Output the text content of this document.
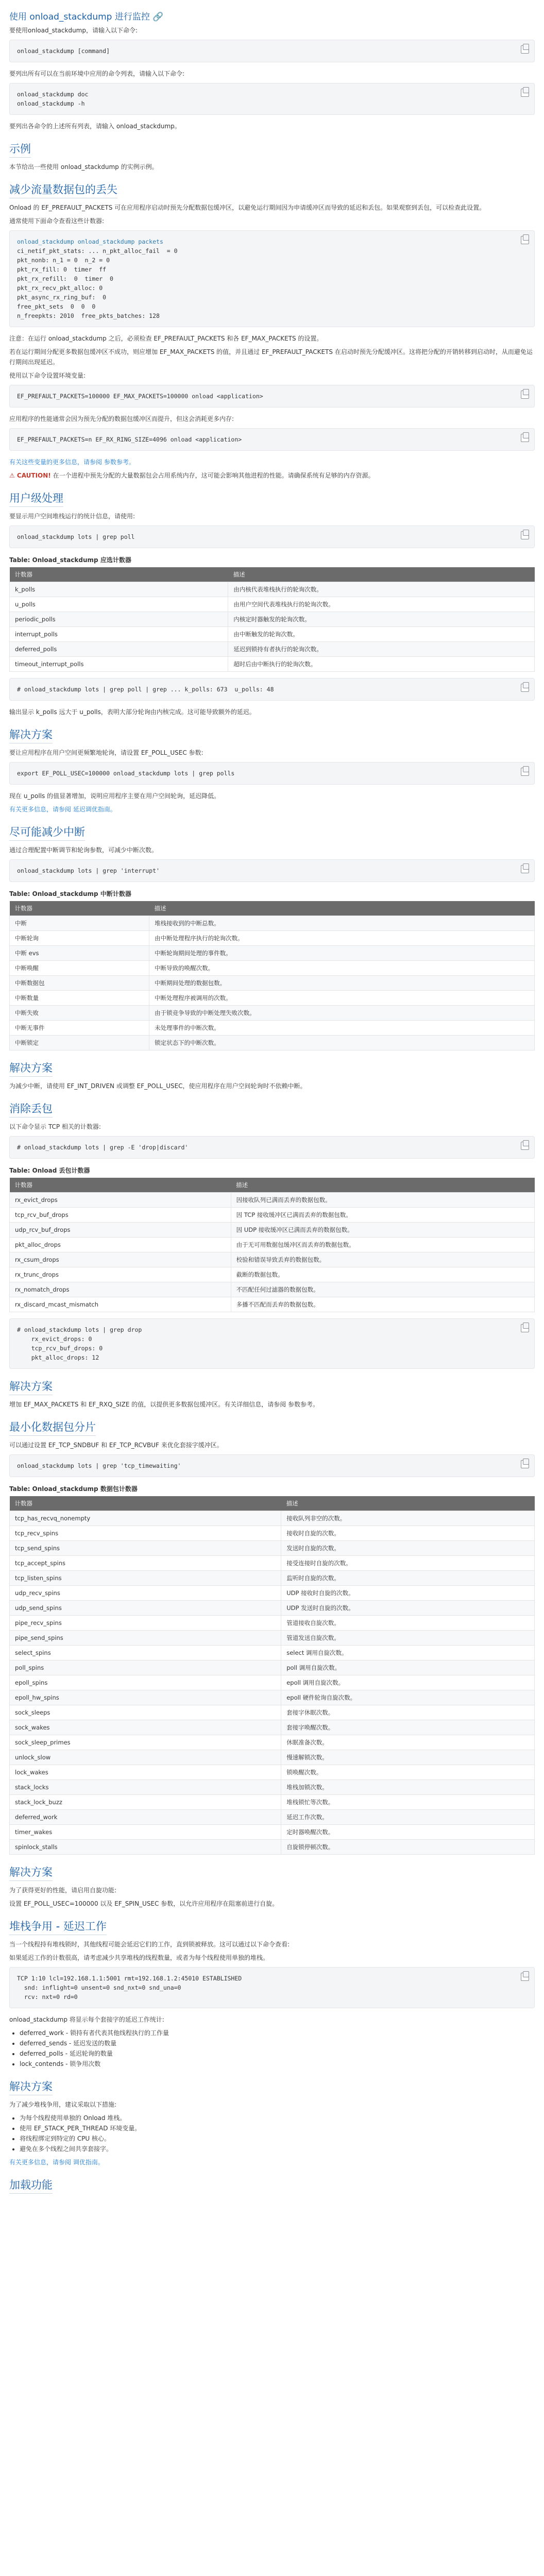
使用 onload_stackdump 进行监控 🔗

要使用onload_stackdump，请输入以下命令:

onload_stackdump [command]

要列出所有可以在当前环境中应用的命令列表，请输入以下命令:

onload_stackdump doc
onload_stackdump -h

要列出各命令的上述所有列表，请输入 onload_stackdump。

示例

本节给出一些使用 onload_stackdump 的实例示例。

减少流量数据包的丢失

Onload 的 EF_PREFAULT_PACKETS 可在应用程序启动时预先分配数据包缓冲区，以避免运行期间因为申请缓冲区而导致的延迟和丢包。如果观察到丢包，可以检查此设置。

通常使用下面命令查看这些计数器:

onload_stackdump onload_stackdump packets
ci_netif_pkt_stats: ... n_pkt_alloc_fail  = 0
pkt_nonb: n_1 = 0  n_2 = 0
pkt_rx_fill: 0  timer  ff
pkt_rx_refill:  0  timer  0
pkt_rx_recv_pkt_alloc: 0
pkt_async_rx_ring_buf:  0
free_pkt_sets  0  0  0
n_freepkts: 2010  free_pkts_batches: 128

注意：在运行 onload_stackdump 之后，必须检查 EF_PREFAULT_PACKETS 和各 EF_MAX_PACKETS 的设置。

若在运行期间分配更多数据包缓冲区不成功，则应增加 EF_MAX_PACKETS 的值，并且通过 EF_PREFAULT_PACKETS 在启动时预先分配缓冲区。这将把分配的开销转移到启动时，从而避免运行期间出现延迟。

使用以下命令设置环境变量:

EF_PREFAULT_PACKETS=100000 EF_MAX_PACKETS=100000 onload <application>

应用程序的性能通常会因为预先分配的数据包缓冲区而提升，但这会消耗更多内存:

EF_PREFAULT_PACKETS=n EF_RX_RING_SIZE=4096 onload <application>

有关这些变量的更多信息，请参阅 参数参考。

⚠ CAUTION! 在一个进程中预先分配的大量数据包会占用系统内存，这可能会影响其他进程的性能。请确保系统有足够的内存资源。

用户级处理

要显示用户空间堆栈运行的统计信息，请使用:

onload_stackdump lots | grep poll
Table: Onload_stackdump 应选计数器
计数器	描述
k_polls	由内核代表堆栈执行的轮询次数。
u_polls	由用户空间代表堆栈执行的轮询次数。
periodic_polls	内核定时器触发的轮询次数。
interrupt_polls	由中断触发的轮询次数。
deferred_polls	延迟到锁持有者执行的轮询次数。
timeout_interrupt_polls	超时后由中断执行的轮询次数。
# onload_stackdump lots | grep poll | grep ... k_polls: 673  u_polls: 48

输出显示 k_polls 远大于 u_polls，表明大部分轮询由内核完成。这可能导致额外的延迟。

解决方案

要让应用程序在用户空间更频繁地轮询，请设置 EF_POLL_USEC 参数:

export EF_POLL_USEC=100000 onload_stackdump lots | grep polls

现在 u_polls 的值显著增加，说明应用程序主要在用户空间轮询，延迟降低。

有关更多信息，请参阅 延迟调优指南。

尽可能减少中断

通过合理配置中断调节和轮询参数，可减少中断次数。

onload_stackdump lots | grep 'interrupt'
Table: Onload_stackdump 中断计数器
计数器	描述
中断	堆栈接收到的中断总数。
中断轮询	由中断处理程序执行的轮询次数。
中断 evs	中断轮询期间处理的事件数。
中断唤醒	中断导致的唤醒次数。
中断数据包	中断期间处理的数据包数。
中断数量	中断处理程序被调用的次数。
中断失败	由于锁竞争导致的中断处理失败次数。
中断无事件	未处理事件的中断次数。
中断锁定	锁定状态下的中断次数。
解决方案

为减少中断，请使用 EF_INT_DRIVEN 或调整 EF_POLL_USEC，使应用程序在用户空间轮询时不依赖中断。

消除丢包

以下命令显示 TCP 相关的计数器:

# onload_stackdump lots | grep -E 'drop|discard'
Table: Onload 丢包计数器
计数器	描述
rx_evict_drops	因接收队列已满而丢弃的数据包数。
tcp_rcv_buf_drops	因 TCP 接收缓冲区已满而丢弃的数据包数。
udp_rcv_buf_drops	因 UDP 接收缓冲区已满而丢弃的数据包数。
pkt_alloc_drops	由于无可用数据包缓冲区而丢弃的数据包数。
rx_csum_drops	校验和错误导致丢弃的数据包数。
rx_trunc_drops	截断的数据包数。
rx_nomatch_drops	不匹配任何过滤器的数据包数。
rx_discard_mcast_mismatch	多播不匹配而丢弃的数据包数。
# onload_stackdump lots | grep drop
rx_evict_drops: 0
tcp_rcv_buf_drops: 0
pkt_alloc_drops: 12
解决方案

增加 EF_MAX_PACKETS 和 EF_RXQ_SIZE 的值，以提供更多数据包缓冲区。有关详细信息，请参阅 参数参考。

最小化数据包分片

可以通过设置 EF_TCP_SNDBUF 和 EF_TCP_RCVBUF 来优化套接字缓冲区。

onload_stackdump lots | grep 'tcp_timewaiting'
Table: Onload_stackdump 数据包计数器
计数器	描述
tcp_has_recvq_nonempty	接收队列非空的次数。
tcp_recv_spins	接收时自旋的次数。
tcp_send_spins	发送时自旋的次数。
tcp_accept_spins	接受连接时自旋的次数。
tcp_listen_spins	监听时自旋的次数。
udp_recv_spins	UDP 接收时自旋的次数。
udp_send_spins	UDP 发送时自旋的次数。
pipe_recv_spins	管道接收自旋次数。
pipe_send_spins	管道发送自旋次数。
select_spins	select 调用自旋次数。
poll_spins	poll 调用自旋次数。
epoll_spins	epoll 调用自旋次数。
epoll_hw_spins	epoll 硬件轮询自旋次数。
sock_sleeps	套接字休眠次数。
sock_wakes	套接字唤醒次数。
sock_sleep_primes	休眠准备次数。
unlock_slow	慢速解锁次数。
lock_wakes	锁唤醒次数。
stack_locks	堆栈加锁次数。
stack_lock_buzz	堆栈锁忙等次数。
deferred_work	延迟工作次数。
timer_wakes	定时器唤醒次数。
spinlock_stalls	自旋锁停顿次数。
解决方案

为了获得更好的性能，请启用自旋功能:

设置 EF_POLL_USEC=100000 以及 EF_SPIN_USEC 参数，以允许应用程序在阻塞前进行自旋。

堆栈争用 - 延迟工作

当一个线程持有堆栈锁时，其他线程可能会延迟它们的工作，直到锁被释放。这可以通过以下命令查看:

如果延迟工作的计数很高，请考虑减少共享堆栈的线程数量，或者为每个线程使用单独的堆栈。

TCP 1:10 lcl=192.168.1.1:5001 rmt=192.168.1.2:45010 ESTABLISHED
snd: inflight=0 unsent=0 snd_nxt=0 snd_una=0
rcv: nxt=0 rd=0

onload_stackdump 将显示每个套接字的延迟工作统计:

• deferred_work - 锁持有者代表其他线程执行的工作量
• deferred_sends - 延迟发送的数量
• deferred_polls - 延迟轮询的数量
• lock_contends - 锁争用次数
解决方案

为了减少堆栈争用，建议采取以下措施:

• 为每个线程使用单独的 Onload 堆栈。
• 使用 EF_STACK_PER_THREAD 环境变量。
• 将线程绑定到特定的 CPU 核心。
• 避免在多个线程之间共享套接字。

有关更多信息，请参阅 调优指南。

加载功能
